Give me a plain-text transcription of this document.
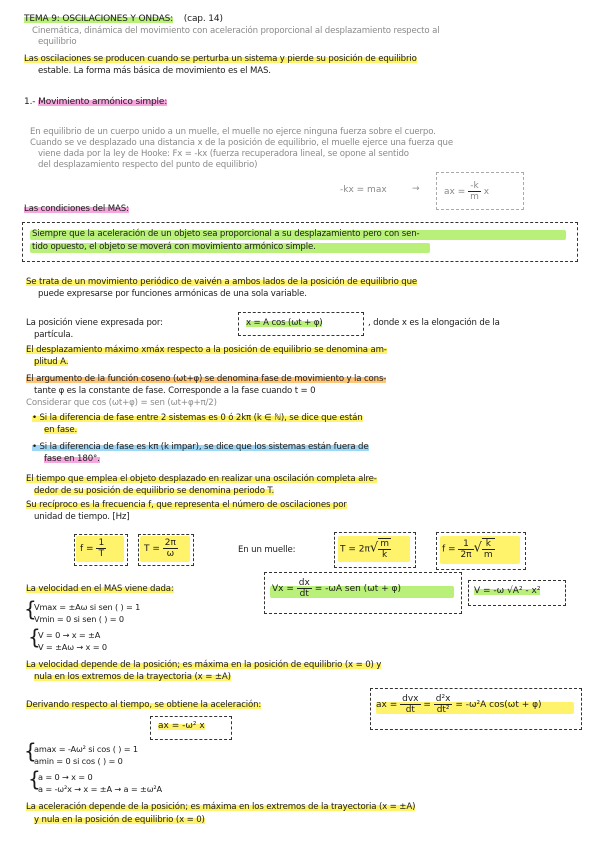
TEMA 9: OSCILACIONES Y ONDAS: (cap. 14)
Cinemática, dinámica del movimiento con aceleración proporcional al desplazamiento respecto al
equilibrio
Las oscilaciones se producen cuando se perturba un sistema y pierde su posición de equilibrio
estable. La forma más básica de movimiento es el MAS.
1.- Movimiento armónico simple:
En equilibrio de un cuerpo unido a un muelle, el muelle no ejerce ninguna fuerza sobre el cuerpo.
Cuando se ve desplazado una distancia x de la posición de equilibrio, el muelle ejerce una fuerza que
viene dada por la ley de Hooke: Fx = -kx (fuerza recuperadora lineal, se opone al sentido
del desplazamiento respecto del punto de equilibrio)
-kx = max	→	ax = $\frac{-k}{m}$ x
Las condiciones del MAS:
Siempre que la aceleración de un objeto sea proporcional a su desplazamiento pero con sen-
tido opuesto, el objeto se moverá con movimiento armónico simple.
Se trata de un movimiento periódico de vaivén a ambos lados de la posición de equilibrio que
puede expresarse por funciones armónicas de una sola variable.
La posición viene expresada por:	x = A cos (ωt + φ)	, donde x es la elongación de la
partícula.
El desplazamiento máximo xmáx respecto a la posición de equilibrio se denomina am-
plitud A.
El argumento de la función coseno (ωt+φ) se denomina fase de movimiento y la cons-
tante φ es la constante de fase. Corresponde a la fase cuando t = 0
Considerar que cos (ωt+φ) = sen (ωt+φ+π/2)
• Si la diferencia de fase entre 2 sistemas es 0 ó 2kπ (k ∈ ℕ), se dice que están
en fase.
• Si la diferencia de fase es kπ (k impar), se dice que los sistemas están fuera de
fase en 180°.
El tiempo que emplea el objeto desplazado en realizar una oscilación completa alre-
dedor de su posición de equilibrio se denomina periodo T.
Su recíproco es la frecuencia f, que representa el número de oscilaciones por
unidad de tiempo. [Hz]
$f = \frac{1}{T}$	$T = \frac{2\pi}{\omega}$	En un muelle:	$T = 2\pi√ \frac{m}{k}$	$f = \frac{1}{2\pi}$ √ $\frac{k}{m}$
La velocidad en el MAS viene dada:	$Vx = \frac{dx}{dt} = -\omega A$ sen (ωt + φ)	V = -ω √A² - x²
{
Vmax = ±Aω si sen ( ) = 1
Vmin = 0 si sen ( ) = 0
{
V = 0 → x = ±A
V = ±Aω → x = 0
La velocidad depende de la posición; es máxima en la posición de equilibrio (x = 0) y
nula en los extremos de la trayectoria (x = ±A)
Derivando respecto al tiempo, se obtiene la aceleración:	ax = $\frac{\text{dvx}}{dt} = \frac{\text{d²x}}{\text{dt²}} = -\omega^2A$ cos(ωt + φ)
ax = -ω² x
{
amax = -Aω² si cos ( ) = 1
amin = 0 si cos ( ) = 0
{
a = 0 → x = 0
a = -ω²x → x = ±A → a = ±ω²A
La aceleración depende de la posición; es máxima en los extremos de la trayectoria (x = ±A)
y nula en la posición de equilibrio (x = 0)
